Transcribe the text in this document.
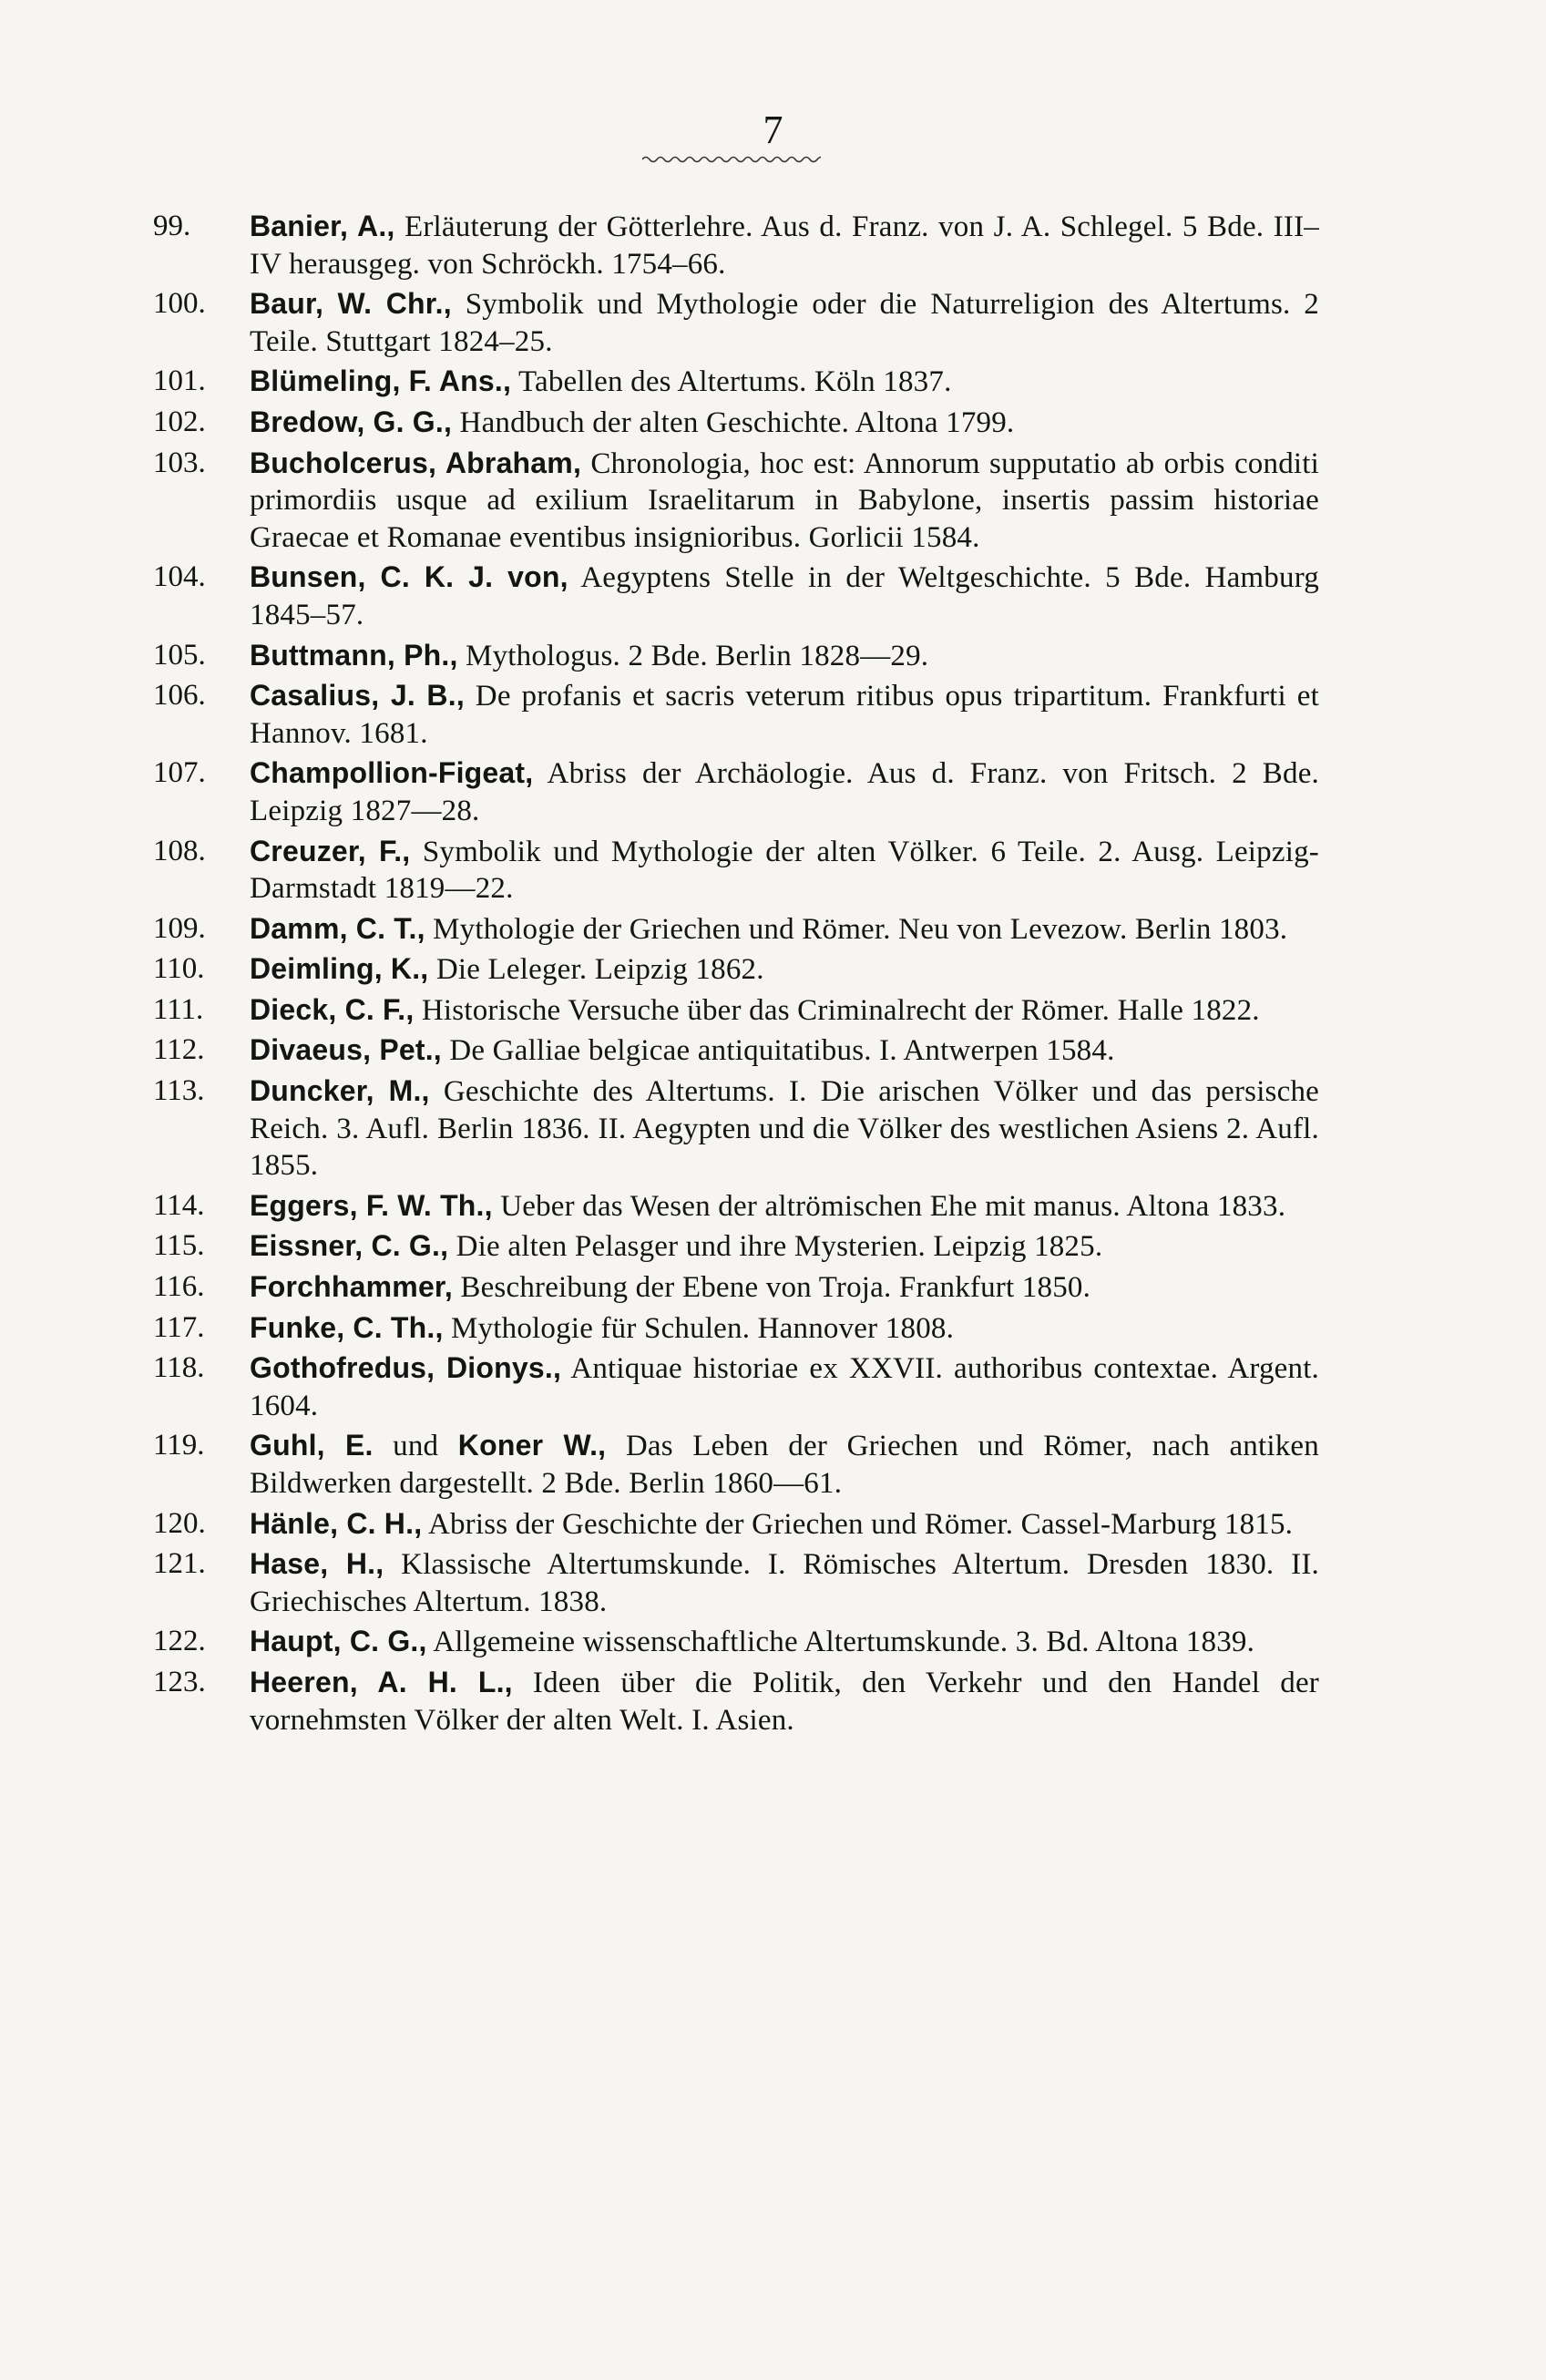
7
99.	Banier, A., Erläuterung der Götterlehre. Aus d. Franz. von J. A. Schlegel. 5 Bde. III–IV herausgeg. von Schröckh. 1754–66.
100.	Baur, W. Chr., Symbolik und Mythologie oder die Naturreligion des Altertums. 2 Teile. Stuttgart 1824–25.
101.	Blümeling, F. Ans., Tabellen des Altertums. Köln 1837.
102.	Bredow, G. G., Handbuch der alten Geschichte. Altona 1799.
103.	Bucholcerus, Abraham, Chronologia, hoc est: Annorum supputatio ab orbis conditi primordiis usque ad exilium Israelitarum in Babylone, insertis passim historiae Graecae et Romanae eventibus insignioribus. Gorlicii 1584.
104.	Bunsen, C. K. J. von, Aegyptens Stelle in der Weltgeschichte. 5 Bde. Hamburg 1845–57.
105.	Buttmann, Ph., Mythologus. 2 Bde. Berlin 1828—29.
106.	Casalius, J. B., De profanis et sacris veterum ritibus opus tripartitum. Frankfurti et Hannov. 1681.
107.	Champollion-Figeat, Abriss der Archäologie. Aus d. Franz. von Fritsch. 2 Bde. Leipzig 1827—28.
108.	Creuzer, F., Symbolik und Mythologie der alten Völker. 6 Teile. 2. Ausg. Leipzig-Darmstadt 1819—22.
109.	Damm, C. T., Mythologie der Griechen und Römer. Neu von Levezow. Berlin 1803.
110.	Deimling, K., Die Leleger. Leipzig 1862.
111.	Dieck, C. F., Historische Versuche über das Criminalrecht der Römer. Halle 1822.
112.	Divaeus, Pet., De Galliae belgicae antiquitatibus. I. Antwerpen 1584.
113.	Duncker, M., Geschichte des Altertums. I. Die arischen Völker und das persische Reich. 3. Aufl. Berlin 1836. II. Aegypten und die Völker des westlichen Asiens 2. Aufl. 1855.
114.	Eggers, F. W. Th., Ueber das Wesen der altrömischen Ehe mit manus. Altona 1833.
115.	Eissner, C. G., Die alten Pelasger und ihre Mysterien. Leipzig 1825.
116.	Forchhammer, Beschreibung der Ebene von Troja. Frankfurt 1850.
117.	Funke, C. Th., Mythologie für Schulen. Hannover 1808.
118.	Gothofredus, Dionys., Antiquae historiae ex XXVII. authoribus contextae. Argent. 1604.
119.	Guhl, E. und Koner W., Das Leben der Griechen und Römer, nach antiken Bildwerken dargestellt. 2 Bde. Berlin 1860—61.
120.	Hänle, C. H., Abriss der Geschichte der Griechen und Römer. Cassel-Marburg 1815.
121.	Hase, H., Klassische Altertumskunde. I. Römisches Altertum. Dresden 1830. II. Griechisches Altertum. 1838.
122.	Haupt, C. G., Allgemeine wissenschaftliche Altertumskunde. 3. Bd. Altona 1839.
123.	Heeren, A. H. L., Ideen über die Politik, den Verkehr und den Handel der vornehmsten Völker der alten Welt. I. Asien.
